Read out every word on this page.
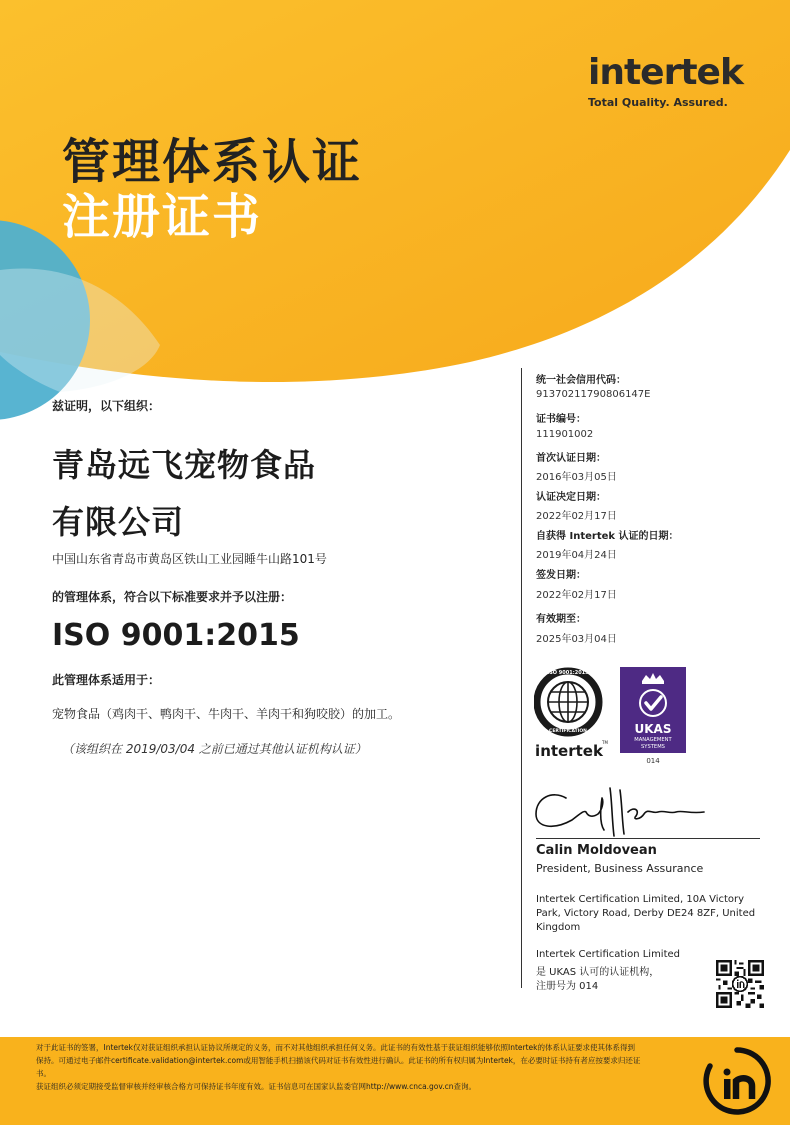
intertek
Total Quality. Assured.
管理体系认证
注册证书
兹证明，以下组织：
青岛远飞宠物食品
有限公司
中国山东省青岛市黄岛区铁山工业园睡牛山路101号
的管理体系，符合以下标准要求并予以注册：
ISO 9001:2015
此管理体系适用于：
宠物食品（鸡肉干、鸭肉干、牛肉干、羊肉干和狗咬胶）的加工。
（该组织在 2019/03/04 之前已通过其他认证机构认证）
统一社会信用代码：
91370211790806147E
证书编号：
111901002
首次认证日期：
2016年03月05日
认证决定日期：
2022年02月17日
自获得 Intertek 认证的日期：
2019年04月24日
签发日期：
2022年02月17日
有效期至：
2025年03月04日
ISO 9001:2015
CERTIFICATION
intertek TM
UKAS
MANAGEMENT
SYSTEMS
014
Calin Moldovean
President, Business Assurance
Intertek Certification Limited, 10A Victory Park, Victory Road, Derby DE24 8ZF, United Kingdom
Intertek Certification Limited
是 UKAS 认可的认证机构，
注册号为 014
对于此证书的签署，Intertek仅对获证组织承担认证协议所规定的义务，而不对其他组织承担任何义务。此证书的有效性基于获证组织能够依照Intertek的体系认证要求使其体系得到
保持。可通过电子邮件certificate.validation@intertek.com或用智能手机扫描该代码对证书有效性进行确认。此证书的所有权归属为Intertek，在必要时证书持有者应按要求归还证
书。
获证组织必须定期接受监督审核并经审核合格方可保持证书年度有效。证书信息可在国家认监委官网http://www.cnca.gov.cn查询。
